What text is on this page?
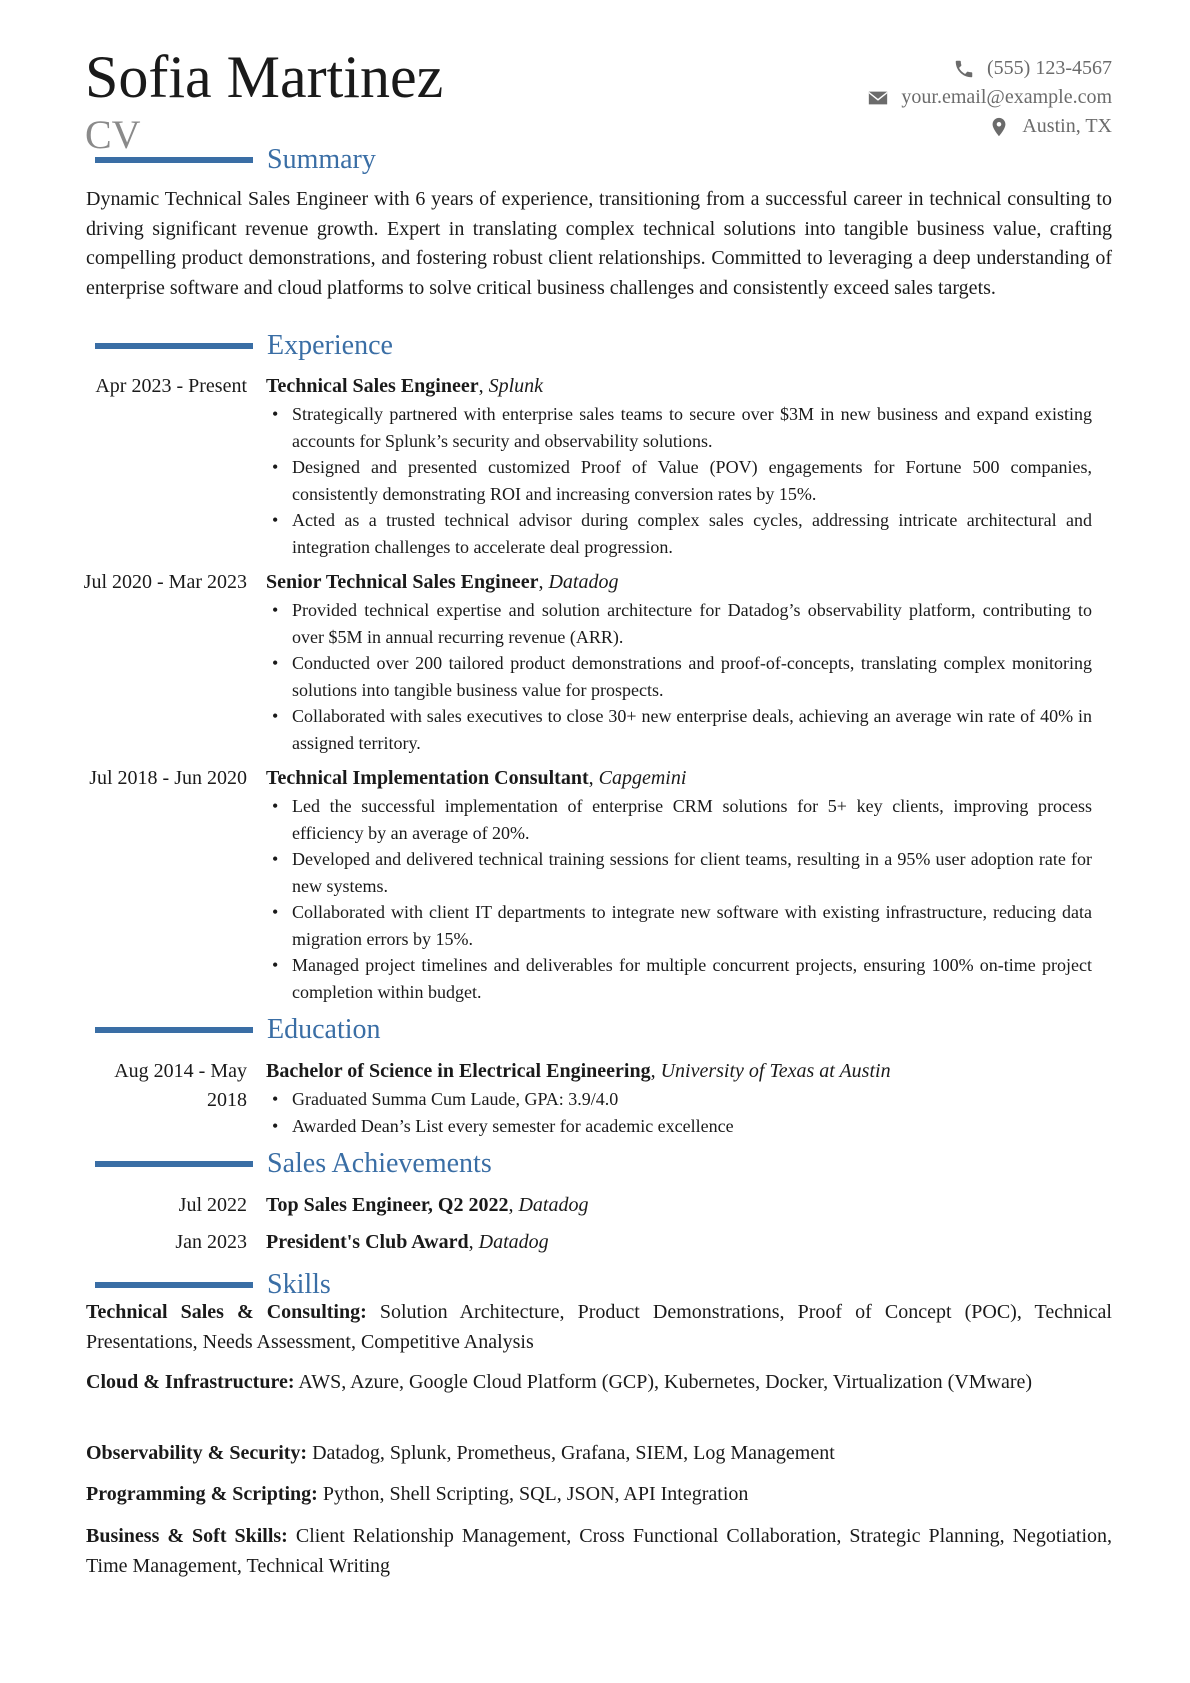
Sofia Martinez
CV
(555) 123-4567
your.email@example.com
Austin, TX
Summary
Dynamic Technical Sales Engineer with 6 years of experience, transitioning from a successful career in technical consulting to driving significant revenue growth. Expert in translating complex technical solutions into tangible business value, crafting compelling product demonstrations, and fostering robust client relationships. Committed to leveraging a deep understanding of enterprise software and cloud platforms to solve critical business challenges and consistently exceed sales targets.
Experience
Apr 2023 - Present Technical Sales Engineer, Splunk
• Strategically partnered with enterprise sales teams to secure over $3M in new business and expand existing accounts for Splunk’s security and observability solutions.
• Designed and presented customized Proof of Value (POV) engagements for Fortune 500 companies, consistently demonstrating ROI and increasing conversion rates by 15%.
• Acted as a trusted technical advisor during complex sales cycles, addressing intricate architectural and integration challenges to accelerate deal progression.
Jul 2020 - Mar 2023 Senior Technical Sales Engineer, Datadog
• Provided technical expertise and solution architecture for Datadog’s observability platform, contributing to over $5M in annual recurring revenue (ARR).
• Conducted over 200 tailored product demonstrations and proof-of-concepts, translating complex monitoring solutions into tangible business value for prospects.
• Collaborated with sales executives to close 30+ new enterprise deals, achieving an average win rate of 40% in assigned territory.
Jul 2018 - Jun 2020 Technical Implementation Consultant, Capgemini
• Led the successful implementation of enterprise CRM solutions for 5+ key clients, improving process efficiency by an average of 20%.
• Developed and delivered technical training sessions for client teams, resulting in a 95% user adoption rate for new systems.
• Collaborated with client IT departments to integrate new software with existing infrastructure, reducing data migration errors by 15%.
• Managed project timelines and deliverables for multiple concurrent projects, ensuring 100% on-time project completion within budget.
Education
Aug 2014 - May 2018
Bachelor of Science in Electrical Engineering, University of Texas at Austin
• Graduated Summa Cum Laude, GPA: 3.9/4.0
• Awarded Dean’s List every semester for academic excellence
Sales Achievements
Jul 2022 Top Sales Engineer, Q2 2022, Datadog
Jan 2023 President's Club Award, Datadog
Skills
Technical Sales & Consulting: Solution Architecture, Product Demonstrations, Proof of Concept (POC), Technical Presentations, Needs Assessment, Competitive Analysis
Cloud & Infrastructure: AWS, Azure, Google Cloud Platform (GCP), Kubernetes, Docker, Virtualization (VMware)
Observability & Security: Datadog, Splunk, Prometheus, Grafana, SIEM, Log Management
Programming & Scripting: Python, Shell Scripting, SQL, JSON, API Integration
Business & Soft Skills: Client Relationship Management, Cross Functional Collaboration, Strategic Planning, Negotiation, Time Management, Technical Writing
